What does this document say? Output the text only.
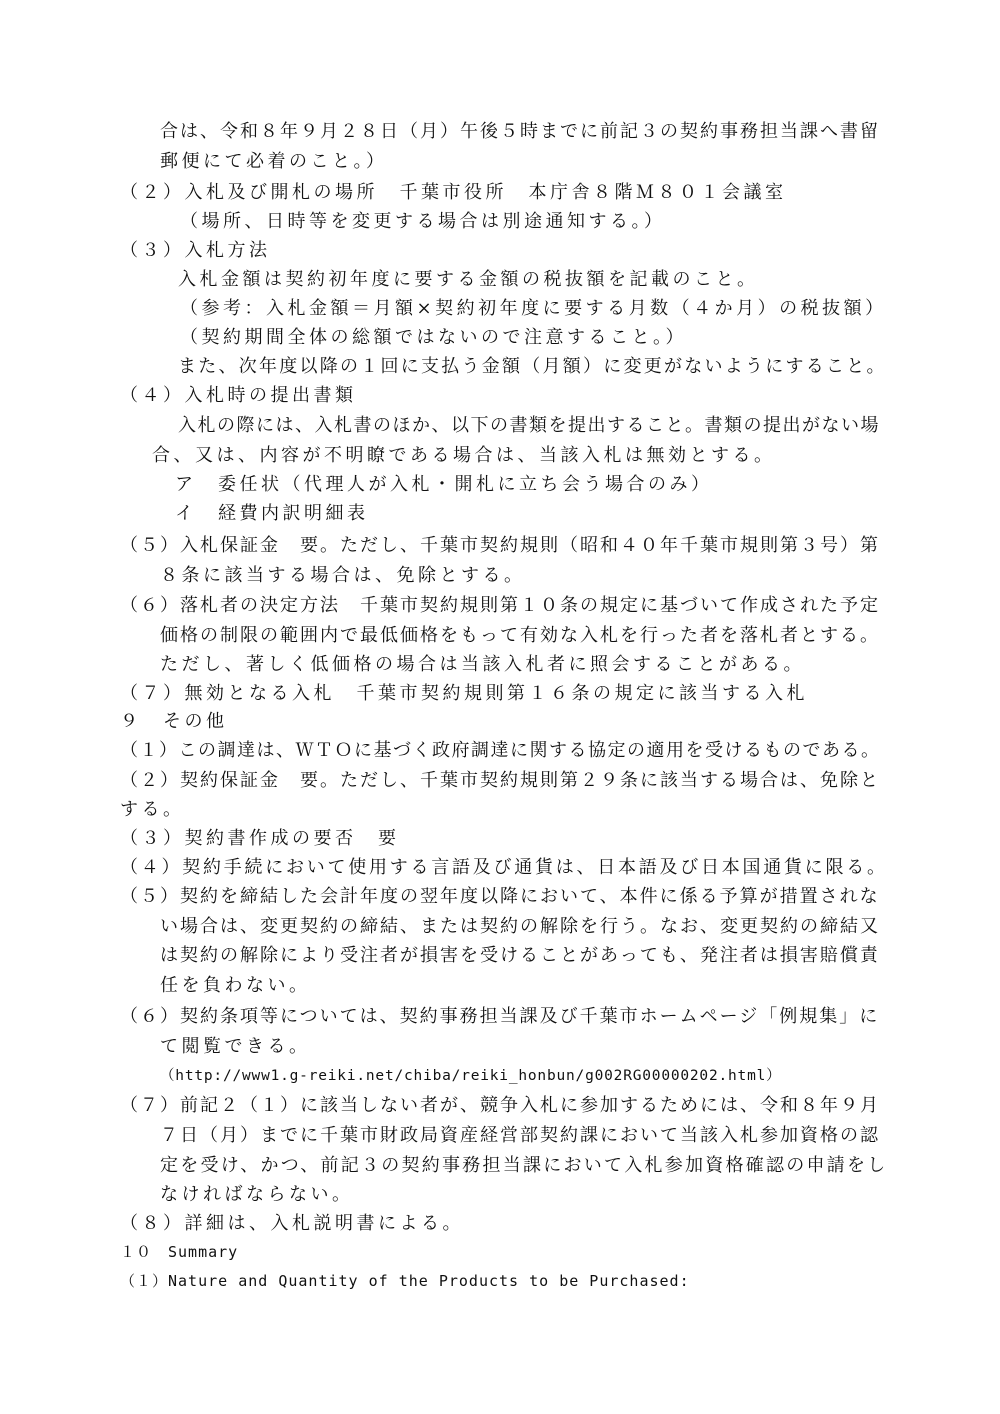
合は、令和８年９月２８日（月）午後５時までに前記３の契約事務担当課へ書留
郵便にて必着のこと。）
（２）入札及び開札の場所　千葉市役所　本庁舎８階Ｍ８０１会議室
（場所、日時等を変更する場合は別途通知する。）
（３）入札方法
入札金額は契約初年度に要する金額の税抜額を記載のこと。
（参考：入札金額＝月額×契約初年度に要する月数（４か月）の税抜額）
（契約期間全体の総額ではないので注意すること。）
また、次年度以降の１回に支払う金額（月額）に変更がないようにすること。
（４）入札時の提出書類
入札の際には、入札書のほか、以下の書類を提出すること。書類の提出がない場
合、又は、内容が不明瞭である場合は、当該入札は無効とする。
ア　委任状（代理人が入札・開札に立ち会う場合のみ）
イ　経費内訳明細表
（５）入札保証金　要。ただし、千葉市契約規則（昭和４０年千葉市規則第３号）第
８条に該当する場合は、免除とする。
（６）落札者の決定方法　千葉市契約規則第１０条の規定に基づいて作成された予定
価格の制限の範囲内で最低価格をもって有効な入札を行った者を落札者とする。
ただし、著しく低価格の場合は当該入札者に照会することがある。
（７）無効となる入札　千葉市契約規則第１６条の規定に該当する入札
９　その他
（１）この調達は、ＷＴＯに基づく政府調達に関する協定の適用を受けるものである。
（２）契約保証金　要。ただし、千葉市契約規則第２９条に該当する場合は、免除と
する。
（３）契約書作成の要否　要
（４）契約手続において使用する言語及び通貨は、日本語及び日本国通貨に限る。
（５）契約を締結した会計年度の翌年度以降において、本件に係る予算が措置されな
い場合は、変更契約の締結、または契約の解除を行う。なお、変更契約の締結又
は契約の解除により受注者が損害を受けることがあっても、発注者は損害賠償責
任を負わない。
（６）契約条項等については、契約事務担当課及び千葉市ホームページ「例規集」に
て閲覧できる。
（http://www1.g-reiki.net/chiba/reiki_honbun/g002RG00000202.html）
（７）前記２（１）に該当しない者が、競争入札に参加するためには、令和８年９月
７日（月）までに千葉市財政局資産経営部契約課において当該入札参加資格の認
定を受け、かつ、前記３の契約事務担当課において入札参加資格確認の申請をし
なければならない。
（８）詳細は、入札説明書による。
１０　Summary
（１）Nature and Quantity of the Products to be Purchased:
